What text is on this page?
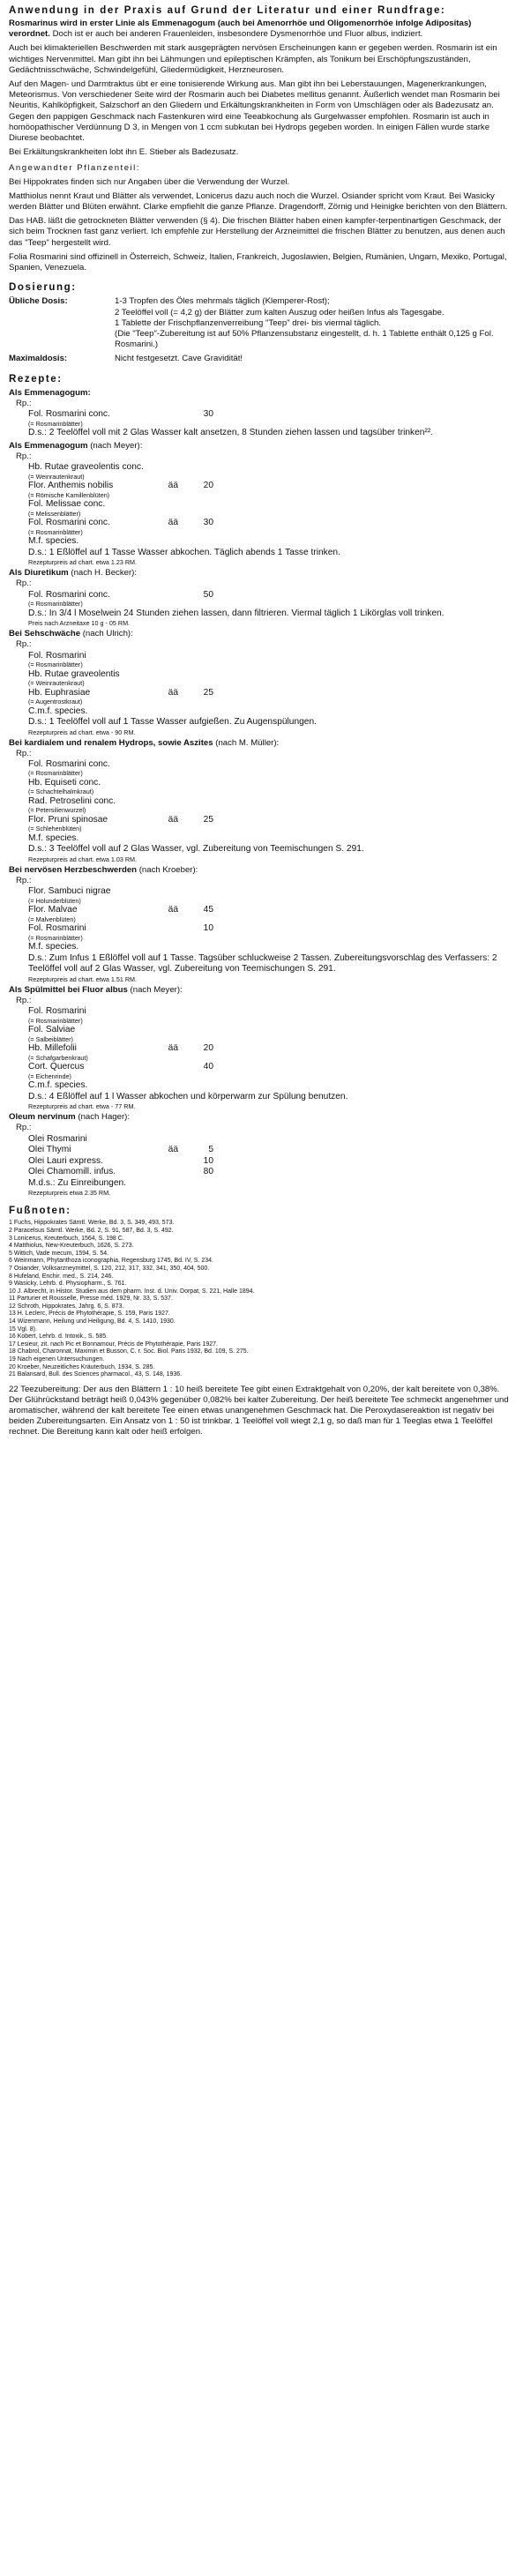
Anwendung in der Praxis auf Grund der Literatur und einer Rundfrage:

Rosmarinus wird in erster Linie als Emmenagogum (auch bei Amenorrhöe und Oligomenorrhöe infolge Adipositas) verordnet. Doch ist er auch bei anderen Frauenleiden, insbesondere Dysmenorrhöe und Fluor albus, indiziert.

Auch bei klimakteriellen Beschwerden mit stark ausgeprägten nervösen Erscheinungen kann er gegeben werden. Rosmarin ist ein wichtiges Nervenmittel. Man gibt ihn bei Lähmungen und epileptischen Krämpfen, als Tonikum bei Erschöpfungszuständen, Gedächtnisschwäche, Schwindelgefühl, Gliedermüdigkeit, Herzneurosen.

Auf den Magen- und Darmtraktus übt er eine tonisierende Wirkung aus. Man gibt ihn bei Leberstauungen, Magenerkrankungen, Meteorismus. Von verschiedener Seite wird der Rosmarin auch bei Diabetes mellitus genannt. Äußerlich wendet man Rosmarin bei Neuritis, Kahlköpfigkeit, Salzschorf an den Gliedern und Erkältungskrankheiten in Form von Umschlägen oder als Badezusatz an. Gegen den pappigen Geschmack nach Fastenkuren wird eine Teeabkochung als Gurgelwasser empfohlen. Rosmarin ist auch in homöopathischer Verdünnung D 3, in Mengen von 1 ccm subkutan bei Hydrops gegeben worden. In einigen Fällen wurde starke Diurese beobachtet.

Bei Erkältungskrankheiten lobt ihn E. Stieber als Badezusatz.

Angewandter Pflanzenteil:

Bei Hippokrates finden sich nur Angaben über die Verwendung der Wurzel.

Matthiolus nennt Kraut und Blätter als verwendet, Lonicerus dazu auch noch die Wurzel. Osiander spricht vom Kraut. Bei Wasicky werden Blätter und Blüten erwähnt. Clarke empfiehlt die ganze Pflanze. Dragendorff, Zörnig und Heinigke berichten von den Blättern.

Das HAB. läßt die getrockneten Blätter verwenden (§ 4). Die frischen Blätter haben einen kampfer-terpentinartigen Geschmack, der sich beim Trocknen fast ganz verliert. Ich empfehle zur Herstellung der Arzneimittel die frischen Blätter zu benutzen, aus denen auch das "Teep" hergestellt wird.

Folia Rosmarini sind offizinell in Österreich, Schweiz, Italien, Frankreich, Jugoslawien, Belgien, Rumänien, Ungarn, Mexiko, Portugal, Spanien, Venezuela.

Dosierung:
Übliche Dosis:	1-3 Tropfen des Öles mehrmals täglich (Klemperer-Rost);
2 Teelöffel voll (= 4,2 g) der Blätter zum kalten Auszug oder heißen Infus als Tagesgabe.
1 Tablette der Frischpflanzenverreibung "Teep" drei- bis viermal täglich.
(Die "Teep"-Zubereitung ist auf 50% Pflanzensubstanz eingestellt, d. h. 1 Tablette enthält 0,125 g Fol. Rosmarini.)
Maximaldosis:	Nicht festgesetzt. Cave Gravidität!
Rezepte:
Als Emmenagogum:
Rp.:
Fol. Rosmarini conc.	30
(= Rosmarinblätter)
D.s.: 2 Teelöffel voll mit 2 Glas Wasser kalt ansetzen, 8 Stunden ziehen lassen und tagsüber trinken²².
Als Emmenagogum (nach Meyer):
Rp.:
Hb. Rutae graveolentis conc.
(= Weinrautenkraut)
Flor. Anthemis nobilis	ää	20
(= Römische Kamillenblüten)
Fol. Melissae conc.
(= Melissenblätter)
Fol. Rosmarini conc.	ää	30
(= Rosmarinblätter)
M.f. species.
D.s.: 1 Eßlöffel auf 1 Tasse Wasser abkochen. Täglich abends 1 Tasse trinken.
Rezepturpreis ad chart. etwa 1.23 RM.
Als Diuretikum (nach H. Becker):
Rp.:
Fol. Rosmarini conc.	50
(= Rosmarinblätter)
D.s.: In 3/4 l Moselwein 24 Stunden ziehen lassen, dann filtrieren. Viermal täglich 1 Likörglas voll trinken.
Preis nach Arzneitaxe 10 g - 05 RM.
Bei Sehschwäche (nach Ulrich):
Rp.:
Fol. Rosmarini
(= Rosmarinblätter)
Hb. Rutae graveolentis
(= Weinrautenkraut)
Hb. Euphrasiae	ää	25
(= Augentrostkraut)
C.m.f. species.
D.s.: 1 Teelöffel voll auf 1 Tasse Wasser aufgießen. Zu Augenspülungen.
Rezepturpreis ad chart. etwa - 90 RM.
Bei kardialem und renalem Hydrops, sowie Aszites (nach M. Müller):
Rp.:
Fol. Rosmarini conc.
(= Rosmarinblätter)
Hb. Equiseti conc.
(= Schachtelhalmkraut)
Rad. Petroselini conc.
(= Petersilienwurzel)
Flor. Pruni spinosae	ää	25
(= Schlehenblüten)
M.f. species.
D.s.: 3 Teelöffel voll auf 2 Glas Wasser, vgl. Zubereitung von Teemischungen S. 291.
Rezepturpreis ad chart. etwa 1.03 RM.
Bei nervösen Herzbeschwerden (nach Kroeber):
Rp.:
Flor. Sambuci nigrae
(= Holunderblüten)
Flor. Malvae	ää	45
(= Malvenblüten)
Fol. Rosmarini	10
(= Rosmarinblätter)
M.f. species.
D.s.: Zum Infus 1 Eßlöffel voll auf 1 Tasse. Tagsüber schluckweise 2 Tassen. Zubereitungsvorschlag des Verfassers: 2 Teelöffel voll auf 2 Glas Wasser, vgl. Zubereitung von Teemischungen S. 291.
Rezepturpreis ad chart. etwa 1.51 RM.
Als Spülmittel bei Fluor albus (nach Meyer):
Rp.:
Fol. Rosmarini
(= Rosmarinblätter)
Fol. Salviae
(= Salbeiblätter)
Hb. Millefolii	ää	20
(= Schafgarbenkraut)
Cort. Quercus	40
(= Eichenrinde)
C.m.f. species.
D.s.: 4 Eßlöffel auf 1 l Wasser abkochen und körperwarm zur Spülung benutzen.
Rezepturpreis ad chart. etwa - 77 RM.
Oleum nervinum (nach Hager):
Rp.:
Olei Rosmarini
Olei Thymi	ää	5
Olei Lauri express.	10
Olei Chamomill. infus.	80
M.d.s.: Zu Einreibungen.
Rezepturpreis etwa 2.35 RM.
Fußnoten:
1 Fuchs, Hippokrates Sämtl. Werke, Bd. 3, S. 349, 493, 573.
2 Paracelsus Sämtl. Werke, Bd. 2, S. 91, 587, Bd. 3, S. 492.
3 Lonicerus, Kreuterbuch, 1564, S. 198 C.
4 Matthiolus, New-Kreuterbuch, 1626, S. 273.
5 Wittich, Vade mecum, 1594, S. 54.
6 Weinmann, Phytanthoza iconographia, Regensburg 1745, Bd. IV, S. 234.
7 Osiander, Volksarzneymittel, S. 120, 212, 317, 332, 341, 350, 404, 500.
8 Hufeland, Enchir. med., S. 214, 246.
9 Wasicky, Lehrb. d. Physiopharm., S. 761.
10 J. Albrecht, in Histor. Studien aus dem pharm. Inst. d. Univ. Dorpat, S. 221, Halle 1894.
11 Parturier et Rousselle, Presse méd. 1929, Nr. 33, S. 537.
12 Schroth, Hippokrates, Jahrg. 6, S. 873.
13 H. Leclerc, Précis de Phytothérapie, S. 159, Paris 1927.
14 Wizenmann, Heilung und Heiligung, Bd. 4, S. 1410, 1930.
15 Vgl. 8).
16 Kobert, Lehrb. d. Intoxik., S. 585.
17 Lesieur, zit. nach Pic et Bonnamour, Précis de Phytothérapie, Paris 1927.
18 Chabrol, Charonnat, Maximin et Busson, C. r. Soc. Biol. Paris 1932, Bd. 109, S. 275.
19 Nach eigenen Untersuchungen.
20 Kroeber, Neuzeitliches Kräuterbuch, 1934, S. 285.
21 Balansard, Bull. des Sciences pharmacol., 43, S. 148, 1936.
22 Teezubereitung: Der aus den Blättern 1 : 10 heiß bereitete Tee gibt einen Extraktgehalt von 0,20%, der kalt bereitete von 0,38%. Der Glührückstand beträgt heiß 0,043% gegenüber 0,082% bei kalter Zubereitung. Der heiß bereitete Tee schmeckt angenehmer und aromatischer, während der kalt bereitete Tee einen etwas unangenehmen Geschmack hat. Die Peroxydasereaktion ist negativ bei beiden Zubereitungsarten. Ein Ansatz von 1 : 50 ist trinkbar. 1 Teelöffel voll wiegt 2,1 g, so daß man für 1 Teeglas etwa 1 Teelöffel rechnet. Die Bereitung kann kalt oder heiß erfolgen.
